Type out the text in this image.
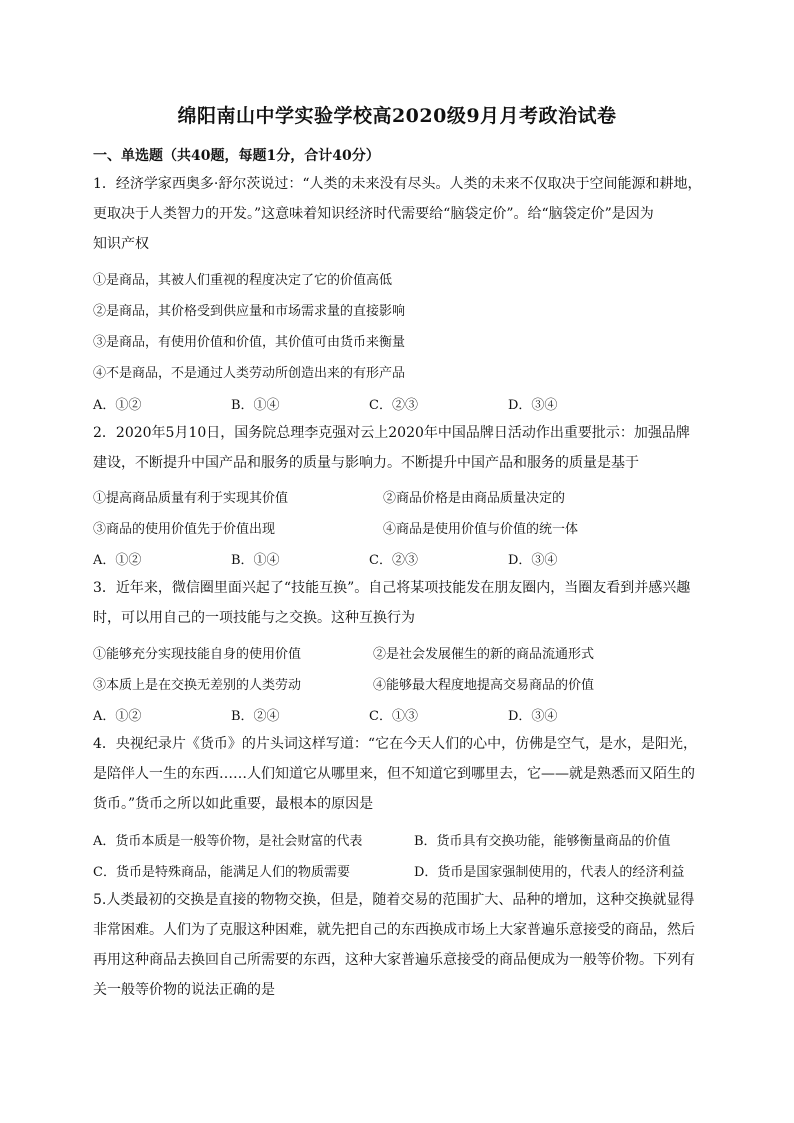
绵阳南山中学实验学校高2020级9月月考政治试卷
一、单选题（共40题，每题1分，合计40分）
1．经济学家西奥多·舒尔茨说过：“人类的未来没有尽头。人类的未来不仅取决于空间能源和耕地，
更取决于人类智力的开发。”这意味着知识经济时代需要给“脑袋定价”。给“脑袋定价”是因为
知识产权
①是商品，其被人们重视的程度决定了它的价值高低
②是商品，其价格受到供应量和市场需求量的直接影响
③是商品，有使用价值和价值，其价值可由货币来衡量
④不是商品，不是通过人类劳动所创造出来的有形产品
A．①②	B．①④	C．②③	D．③④
2．2020年5月10日，国务院总理李克强对云上2020年中国品牌日活动作出重要批示：加强品牌
建设，不断提升中国产品和服务的质量与影响力。不断提升中国产品和服务的质量是基于
①提高商品质量有利于实现其价值	②商品价格是由商品质量决定的
③商品的使用价值先于价值出现	④商品是使用价值与价值的统一体
A．①②	B．①④	C．②③	D．③④
3．近年来，微信圈里面兴起了“技能互换”。自己将某项技能发在朋友圈内，当圈友看到并感兴趣
时，可以用自己的一项技能与之交换。这种互换行为
①能够充分实现技能自身的使用价值	②是社会发展催生的新的商品流通形式
③本质上是在交换无差别的人类劳动	④能够最大程度地提高交易商品的价值
A．①②	B．②④	C．①③	D．③④
4．央视纪录片《货币》的片头词这样写道：“它在今天人们的心中，仿佛是空气，是水，是阳光，
是陪伴人一生的东西……人们知道它从哪里来，但不知道它到哪里去，它——就是熟悉而又陌生的
货币。”货币之所以如此重要，最根本的原因是
A．货币本质是一般等价物，是社会财富的代表	B．货币具有交换功能，能够衡量商品的价值
C．货币是特殊商品，能满足人们的物质需要	D．货币是国家强制使用的，代表人的经济利益
5.人类最初的交换是直接的物物交换，但是，随着交易的范围扩大、品种的增加，这种交换就显得
非常困难。人们为了克服这种困难，就先把自己的东西换成市场上大家普遍乐意接受的商品，然后
再用这种商品去换回自己所需要的东西，这种大家普遍乐意接受的商品便成为一般等价物。下列有
关一般等价物的说法正确的是
